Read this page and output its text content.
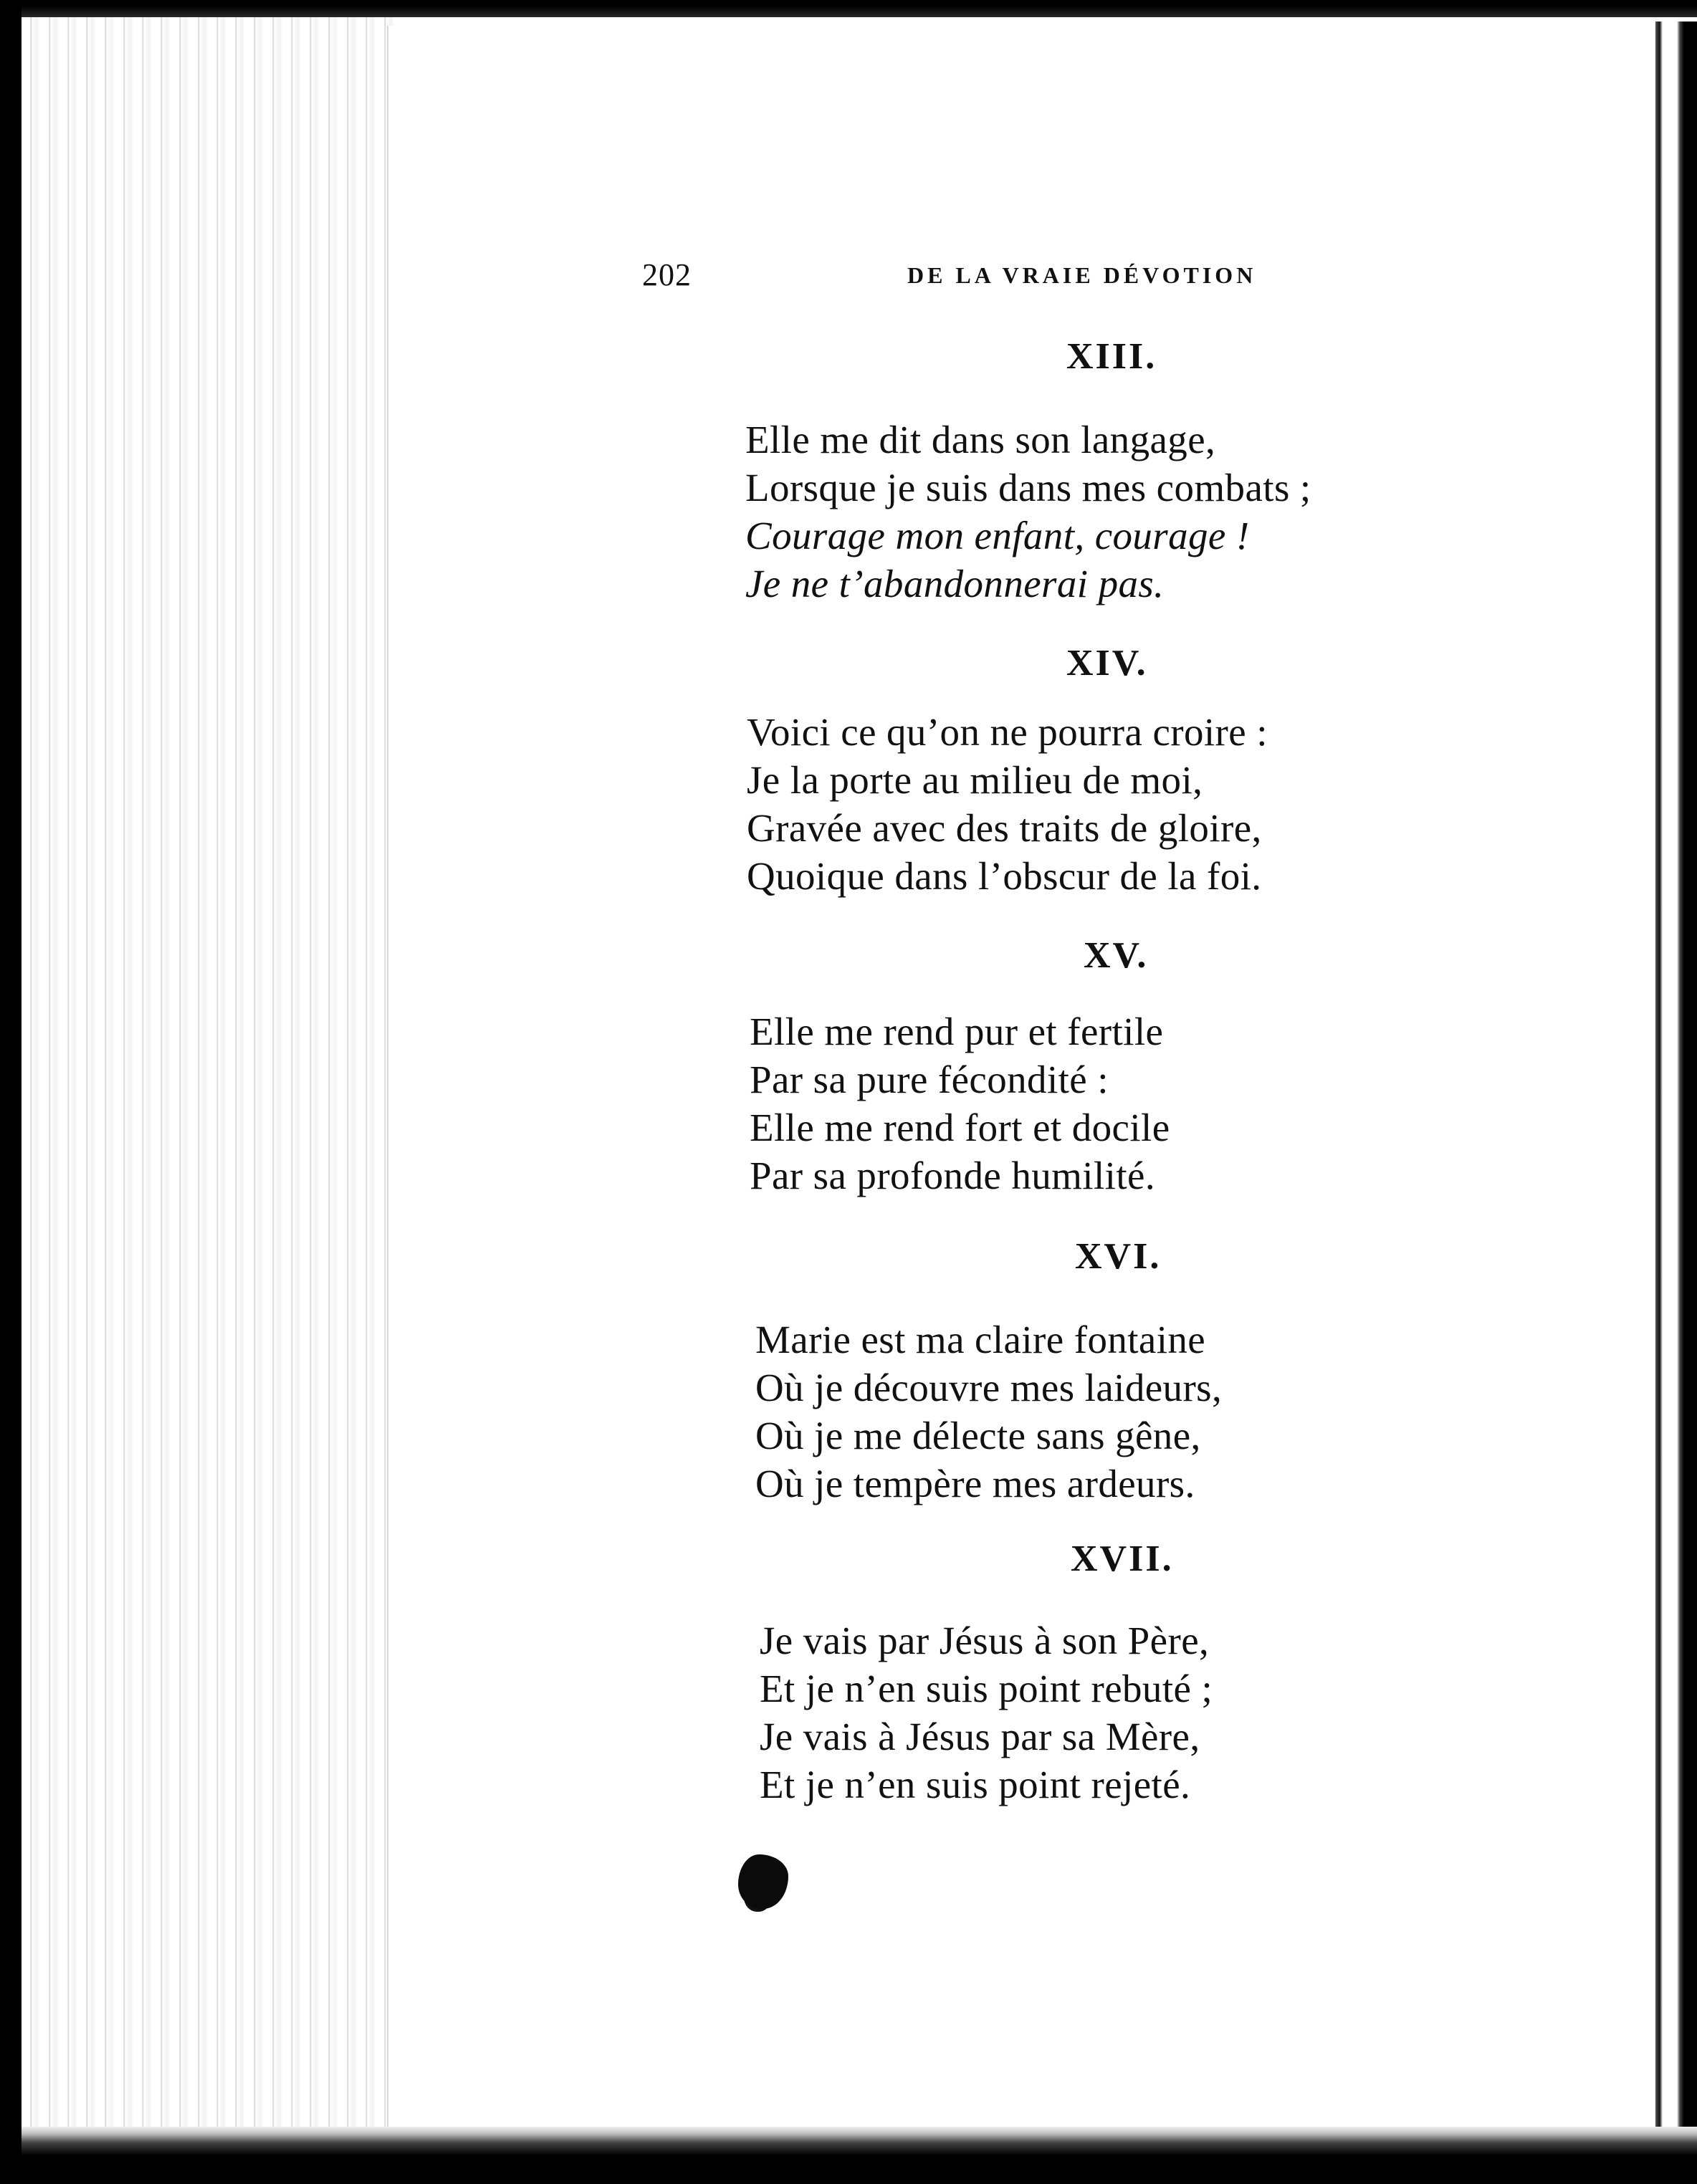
202	DE LA VRAIE DÉVOTION

XIII.
Elle me dit dans son langage,
Lorsque je suis dans mes combats ;
Courage mon enfant, courage !
Je ne t’abandonnerai pas.
XIV.
Voici ce qu’on ne pourra croire :
Je la porte au milieu de moi,
Gravée avec des traits de gloire,
Quoique dans l’obscur de la foi.
XV.
Elle me rend pur et fertile
Par sa pure fécondité :
Elle me rend fort et docile
Par sa profonde humilité.
XVI.
Marie est ma claire fontaine
Où je découvre mes laideurs,
Où je me délecte sans gêne,
Où je tempère mes ardeurs.
XVII.
Je vais par Jésus à son Père,
Et je n’en suis point rebuté ;
Je vais à Jésus par sa Mère,
Et je n’en suis point rejeté.
